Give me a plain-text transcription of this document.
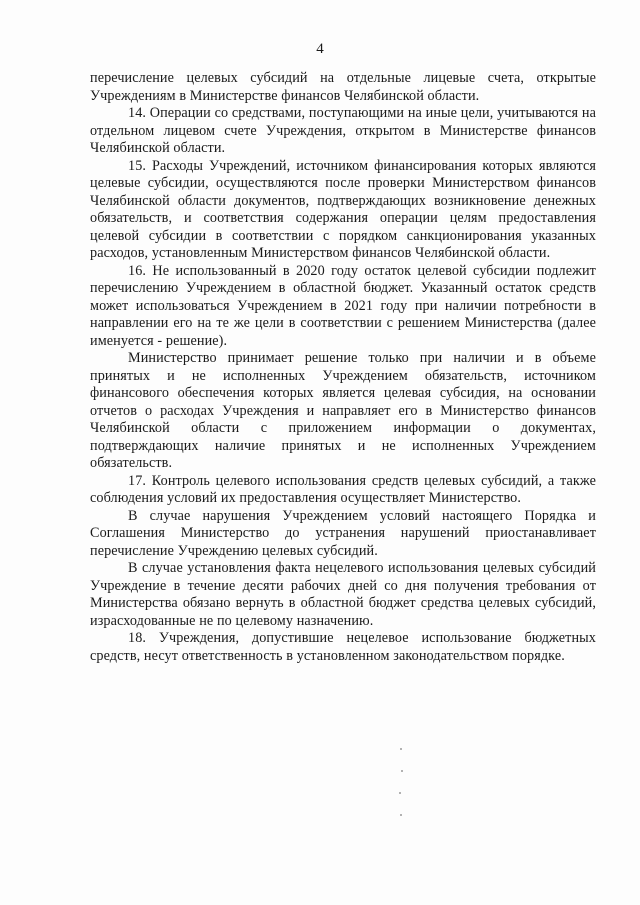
4

перечисление целевых субсидий на отдельные лицевые счета, открытые Учреждениям в Министерстве финансов Челябинской области.

14. Операции со средствами, поступающими на иные цели, учитываются на отдельном лицевом счете Учреждения, открытом в Министерстве финансов Челябинской области.

15. Расходы Учреждений, источником финансирования которых являются целевые субсидии, осуществляются после проверки Министерством финансов Челябинской области документов, подтверждающих возникновение денежных обязательств, и соответствия содержания операции целям предоставления целевой субсидии в соответствии с порядком санкционирования указанных расходов, установленным Министерством финансов Челябинской области.

16. Не использованный в 2020 году остаток целевой субсидии подлежит перечислению Учреждением в областной бюджет. Указанный остаток средств может использоваться Учреждением в 2021 году при наличии потребности в направлении его на те же цели в соответствии с решением Министерства (далее именуется - решение).

Министерство принимает решение только при наличии и в объеме принятых и не исполненных Учреждением обязательств, источником финансового обеспечения которых является целевая субсидия, на основании отчетов о расходах Учреждения и направляет его в Министерство финансов Челябинской области с приложением информации о документах, подтверждающих наличие принятых и не исполненных Учреждением обязательств.

17. Контроль целевого использования средств целевых субсидий, а также соблюдения условий их предоставления осуществляет Министерство.

В случае нарушения Учреждением условий настоящего Порядка и Соглашения Министерство до устранения нарушений приостанавливает перечисление Учреждению целевых субсидий.

В случае установления факта нецелевого использования целевых субсидий Учреждение в течение десяти рабочих дней со дня получения требования от Министерства обязано вернуть в областной бюджет средства целевых субсидий, израсходованные не по целевому назначению.

18. Учреждения, допустившие нецелевое использование бюджетных средств, несут ответственность в установленном законодательством порядке.
